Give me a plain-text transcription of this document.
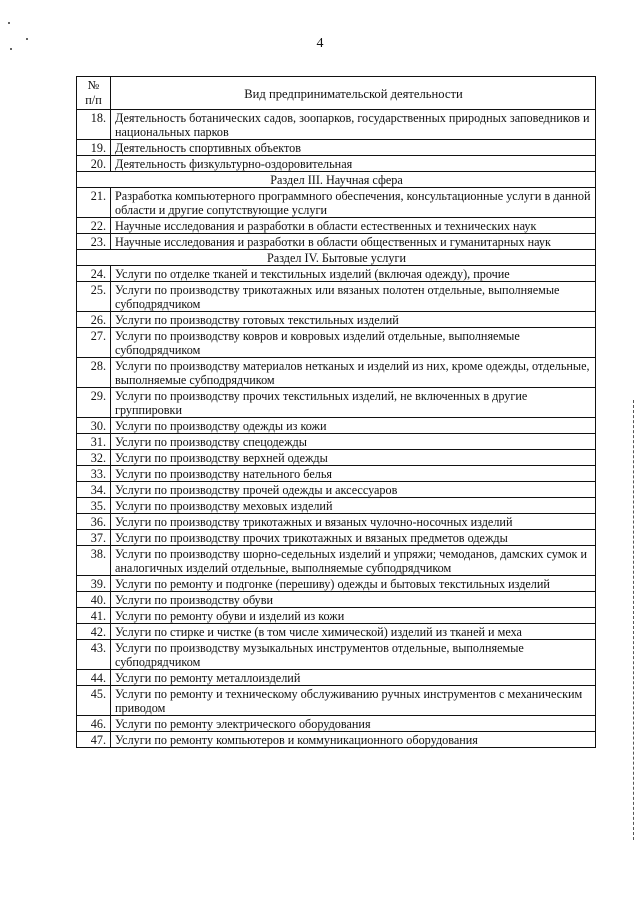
4
№
п/п	Вид предпринимательской деятельности
18.	Деятельность ботанических садов, зоопарков, государственных природных заповедников и национальных парков
19.	Деятельность спортивных объектов
20.	Деятельность физкультурно-оздоровительная
Раздел III. Научная сфера	
21.	Разработка компьютерного программного обеспечения, консультационные услуги в данной области и другие сопутствующие услуги
22.	Научные исследования и разработки в области естественных и технических наук
23.	Научные исследования и разработки в области общественных и гуманитарных наук
Раздел IV. Бытовые услуги	
24.	Услуги по отделке тканей и текстильных изделий (включая одежду), прочие
25.	Услуги по производству трикотажных или вязаных полотен отдельные, выполняемые субподрядчиком
26.	Услуги по производству готовых текстильных изделий
27.	Услуги по производству ковров и ковровых изделий отдельные, выполняемые субподрядчиком
28.	Услуги по производству материалов нетканых и изделий из них, кроме одежды, отдельные, выполняемые субподрядчиком
29.	Услуги по производству прочих текстильных изделий, не включенных в другие группировки
30.	Услуги по производству одежды из кожи
31.	Услуги по производству спецодежды
32.	Услуги по производству верхней одежды
33.	Услуги по производству нательного белья
34.	Услуги по производству прочей одежды и аксессуаров
35.	Услуги по производству меховых изделий
36.	Услуги по производству трикотажных и вязаных чулочно-носочных изделий
37.	Услуги по производству прочих трикотажных и вязаных предметов одежды
38.	Услуги по производству шорно-седельных изделий и упряжи; чемоданов, дамских сумок и аналогичных изделий отдельные, выполняемые субподрядчиком
39.	Услуги по ремонту и подгонке (перешиву) одежды и бытовых текстильных изделий
40.	Услуги по производству обуви
41.	Услуги по ремонту обуви и изделий из кожи
42.	Услуги по стирке и чистке (в том числе химической) изделий из тканей и меха
43.	Услуги по производству музыкальных инструментов отдельные, выполняемые субподрядчиком
44.	Услуги по ремонту металлоизделий
45.	Услуги по ремонту и техническому обслуживанию ручных инструментов с механическим приводом
46.	Услуги по ремонту электрического оборудования
47.	Услуги по ремонту компьютеров и коммуникационного оборудования
